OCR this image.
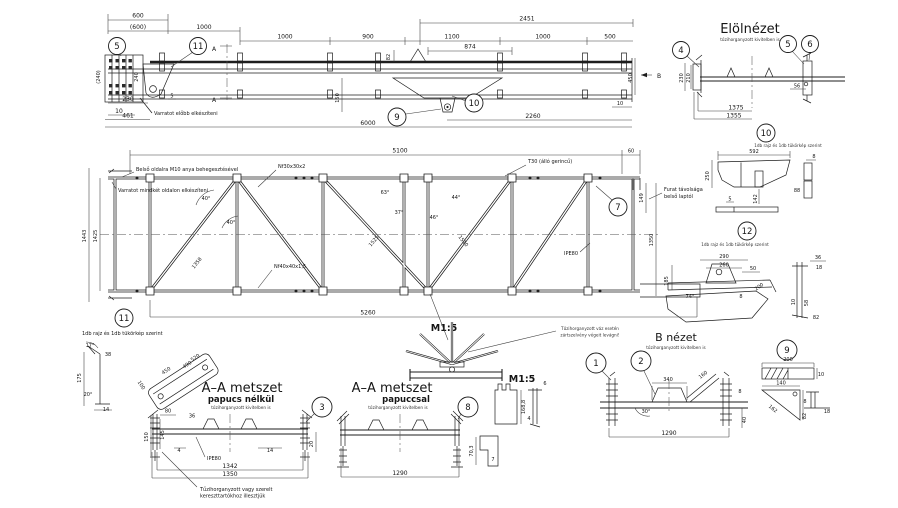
600
(600)	1000
2451
1000	900	1100	1000	500
874
82
(240)	240
230	5
10
461
150
2260
6000
10
450
Varratot előbb elkészíteni
A
A
B
5	11
9
10
Elölnézet
tűzihorganyzott kivitelben is
230 210
56
1375
1355
4
5 6
10
1db rajz és 1db tükörkép szerint
592
250
142
5
8
88
12
1db rajz és 1db tükörkép szerint
290
260
50
185
74°	8
200
36
18
10 58
82
5100	60
149
1350
1443 1425
5260
1358
1525	1510
40°
40°
63°
37°
46°
44°
Belső oldalra M10 anya behegesztésével
Varratot mindkét oldalon elkészíteni
Nf30x30x2
T30 (álló gerincű)
Nf40x40x1,5
IPE80
Furat távolsága
belső laptól
7
11
1db rajz és 1db tükörkép szerint
17°
38
175
20°
14
520
490
450
100	A–A metszet
papucs nélkül
tűzihorganyzott kivitelben is
80
36
145
150
4	14
20
1342
1350
IPE80
Tűzihorganyzott vagy szerelt
kereszttartókhoz illesztjük
3
M1:5	Tűzihorganyzott váz esetén
zártszelvény végeit levágni!
A–A metszet
papuccsal
tűzihorganyzott kivitelben is
1290
8
M1:5
168,8
6
4
70,3
7
B nézet
tűzihorganyzott kivitelben is
340	160
30°
1290
8
40
1	2
9
200
10
140
162
82
8
18
